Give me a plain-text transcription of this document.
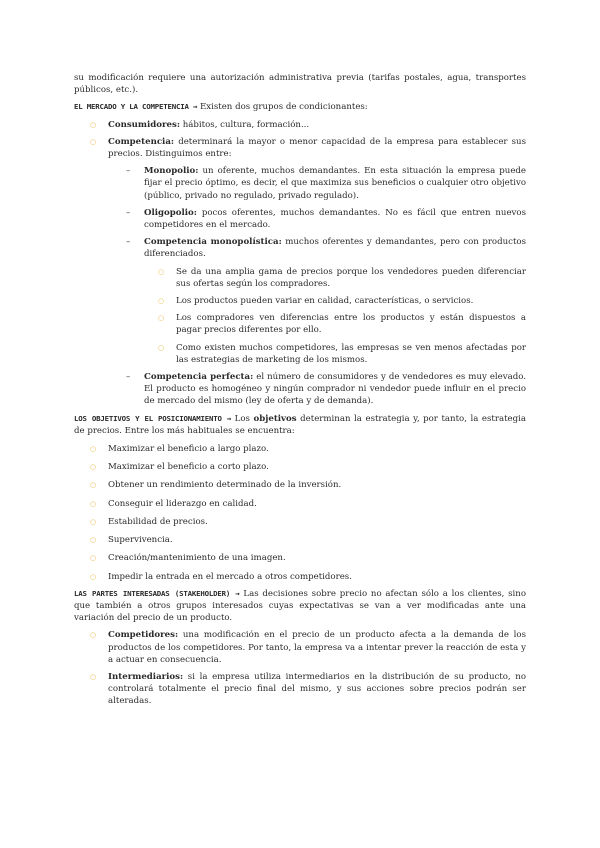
su modificación requiere una autorización administrativa previa (tarifas postales, agua, transportes públicos, etc.).

EL MERCADO Y LA COMPETENCIA → Existen dos grupos de condicionantes:

○ Consumidores: hábitos, cultura, formación...
○ Competencia: determinará la mayor o menor capacidad de la empresa para establecer sus precios. Distinguimos entre:
– Monopolio: un oferente, muchos demandantes. En esta situación la empresa puede fijar el precio óptimo, es decir, el que maximiza sus beneficios o cualquier otro objetivo (público, privado no regulado, privado regulado).
– Oligopolio: pocos oferentes, muchos demandantes. No es fácil que entren nuevos competidores en el mercado.
– Competencia monopolística: muchos oferentes y demandantes, pero con productos diferenciados.
○ Se da una amplia gama de precios porque los vendedores pueden diferenciar sus ofertas según los compradores.
○ Los productos pueden variar en calidad, características, o servicios.
○ Los compradores ven diferencias entre los productos y están dispuestos a pagar precios diferentes por ello.
○ Como existen muchos competidores, las empresas se ven menos afectadas por las estrategias de marketing de los mismos.
– Competencia perfecta: el número de consumidores y de vendedores es muy elevado. El producto es homogéneo y ningún comprador ni vendedor puede influir en el precio de mercado del mismo (ley de oferta y de demanda).

LOS OBJETIVOS Y EL POSICIONAMIENTO → Los objetivos determinan la estrategia y, por tanto, la estrategia de precios. Entre los más habituales se encuentra:

○ Maximizar el beneficio a largo plazo.
○ Maximizar el beneficio a corto plazo.
○ Obtener un rendimiento determinado de la inversión.
○ Conseguir el liderazgo en calidad.
○ Estabilidad de precios.
○ Supervivencia.
○ Creación/mantenimiento de una imagen.
○ Impedir la entrada en el mercado a otros competidores.

LAS PARTES INTERESADAS (STAKEHOLDER) → Las decisiones sobre precio no afectan sólo a los clientes, sino que también a otros grupos interesados cuyas expectativas se van a ver modificadas ante una variación del precio de un producto.

○ Competidores: una modificación en el precio de un producto afecta a la demanda de los productos de los competidores. Por tanto, la empresa va a intentar prever la reacción de esta y a actuar en consecuencia.
○ Intermediarios: si la empresa utiliza intermediarios en la distribución de su producto, no controlará totalmente el precio final del mismo, y sus acciones sobre precios podrán ser alteradas.
